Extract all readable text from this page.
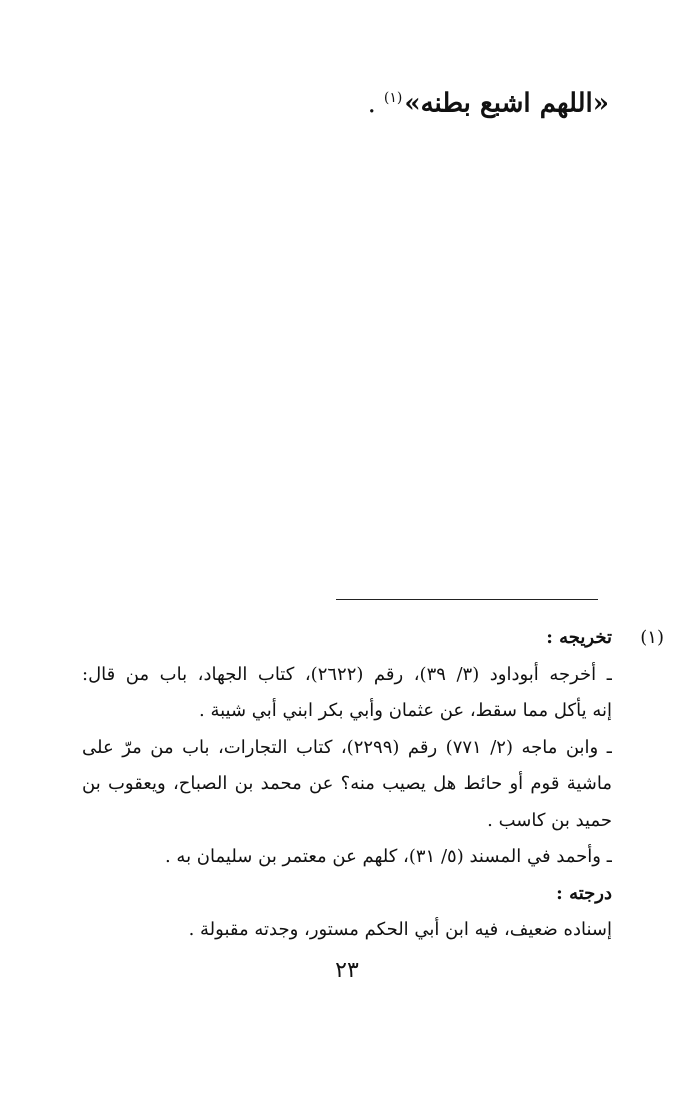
«اللهم اشبع بطنه»$^{(١)}$.
(١)
تخريجه :
ـ أخرجه أبوداود (٣/ ٣٩)، رقم (٢٦٢٢)، كتاب الجهاد، باب من قال:
إنه يأكل مما سقط، عن عثمان وأبي بكر ابني أبي شيبة .
ـ وابن ماجه (٢/ ٧٧١) رقم (٢٢٩٩)، كتاب التجارات، باب من مرّ على
ماشية قوم أو حائط هل يصيب منه؟ عن محمد بن الصباح، ويعقوب بن
حميد بن كاسب .
ـ وأحمد في المسند (٥/ ٣١)، كلهم عن معتمر بن سليمان به .
درجته :
إسناده ضعيف، فيه ابن أبي الحكم مستور، وجدته مقبولة .
٢٣
